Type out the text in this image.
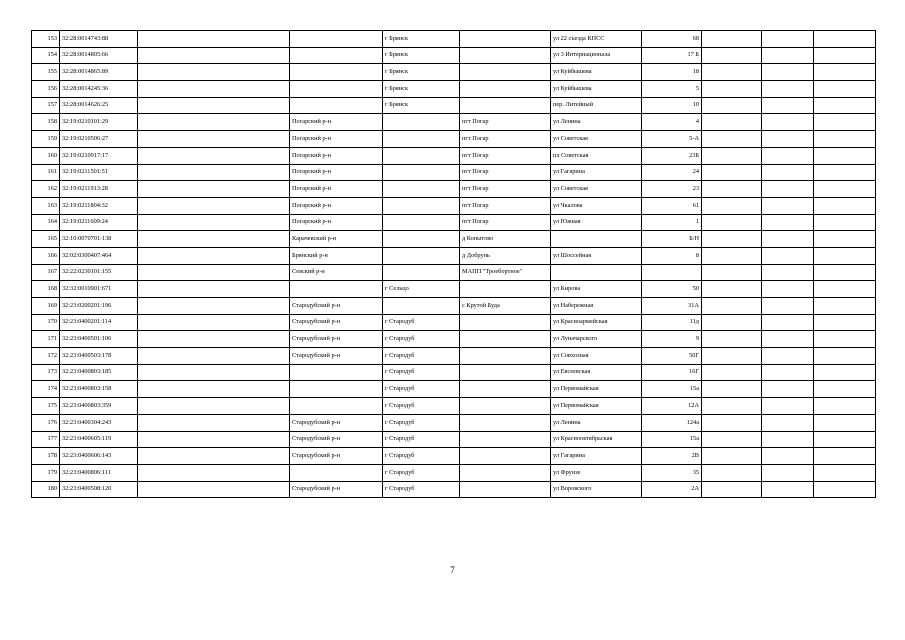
153	32:28:0014743:88			г Брянск		ул 22 съезда КПСС	68			
154	32:28:0014805:66			г Брянск		ул 3 Интернационала	17 Б			
155	32:28:0014865:89			г Брянск		ул Куйбышева	18			
156	32:28:0014245:36			г Брянск		ул Куйбышева	5			
157	32:28:0014626:25			г Брянск		пер. Литейный	10			
158	32:19:0210101:29		Погарский р-н		пгт Погар	ул Ленина	4			
159	32:19:0210506:27		Погарский р-н		пгт Погар	ул Советская	5-А			
160	32:19:0210917:17		Погарский р-н		пгт Погар	пл Советская	23Б			
161	32:19:0211501:51		Погарский р-н		пгт Погар	ул Гагарина	24			
162	32:19:0211913:28		Погарский р-н		пгт Погар	ул Советская	23			
163	32:19:0211804:32		Погарский р-н		пгт Погар	ул Чкалова	61			
164	32:19:0211609:24		Погарский р-н		пгт Погар	ул Южная	1			
165	32:10:0070701:138		Карачевский р-н		д Копытово		Б/Н			
166	32:02:0300407:464		Брянский р-н		д Добрунь	ул Шоссейная	8			
167	32:22:0230101:155		Севский р-н		МАПП "Троебортное"					
168	32:32:0010901:671			г Сельцо		ул Кирова	50			
169	32:23:0200201:196		Стародубский р-н		с Крутой Буда	ул Набережная	31А			
170	32:23:0400201:114		Стародубский р-н	г Стародуб		ул Красноармейская	11д			
171	32:23:0400501:106		Стародубский р-н	г Стародуб		ул Луначарского	9			
172	32:23:0400503:178		Стародубский р-н	г Стародуб		ул Совхозная	50Г			
173	32:23:0400803:185			г Стародуб		ул Евсеевская	16Г			
174	32:23:0400803:158			г Стародуб		ул Первомайская	15а			
175	32:23:0400803:359			г Стародуб		ул Первомайская	12А			
176	32:23:0400304:243		Стародубский р-н	г Стародуб		ул Ленина	124а			
177	32:23:0400605:119		Стародубский р-н	г Стародуб		ул Краснооктябрьская	15а			
178	32:23:0400606:143		Стародубский р-н	г Стародуб		ул Гагарина	2В			
179	32:23:0400806:111			г Стародуб		ул Фрунзе	35			
180	32:23:0400508:120		Стародубский р-н	г Стародуб		ул Воровского	2А			
7
